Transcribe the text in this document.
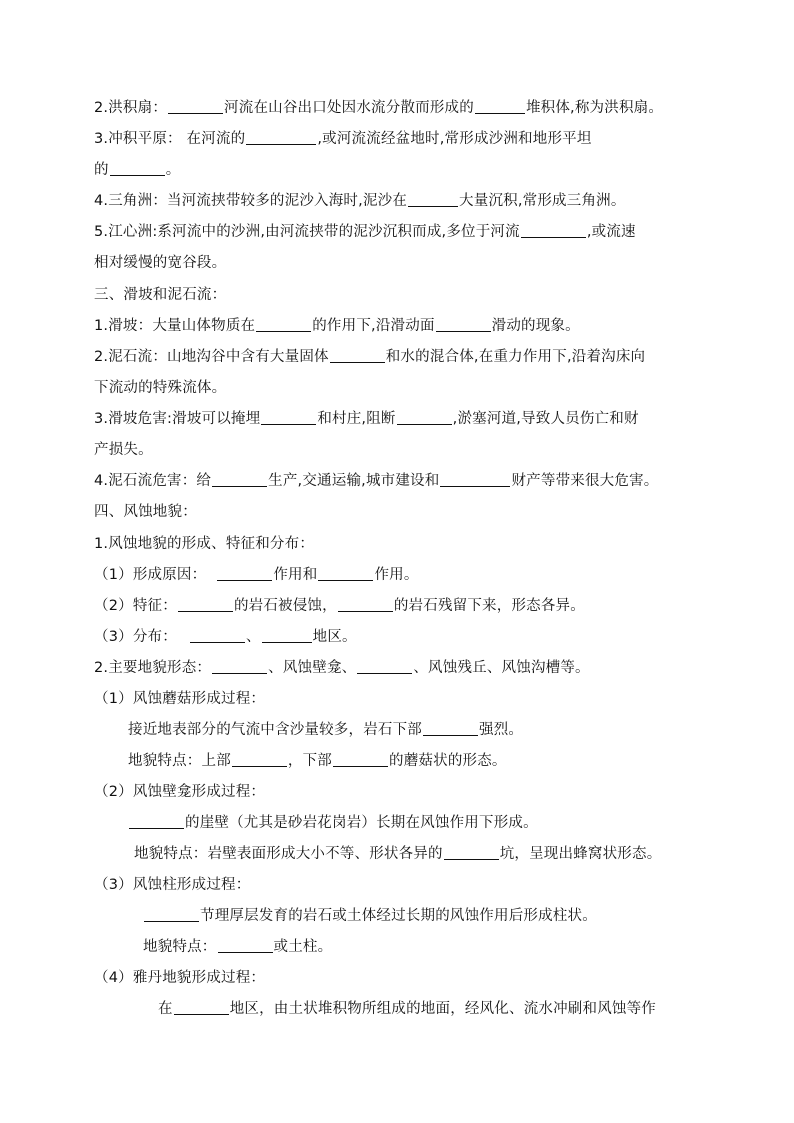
2.洪积扇：	河流在山谷出口处因水流分散而形成的	堆积体,称为洪积扇。
3.冲积平原： 在河流的	,或河流流经盆地时,常形成沙洲和地形平坦
的	。
4.三角洲：当河流挟带较多的泥沙入海时,泥沙在	大量沉积,常形成三角洲。
5.江心洲:系河流中的沙洲,由河流挟带的泥沙沉积而成,多位于河流	,或流速
相对缓慢的宽谷段。
三、滑坡和泥石流：
1.滑坡：大量山体物质在	的作用下,沿滑动面	滑动的现象。
2.泥石流：山地沟谷中含有大量固体	和水的混合体,在重力作用下,沿着沟床向
下流动的特殊流体。
3.滑坡危害:滑坡可以掩埋	和村庄,阻断	,淤塞河道,导致人员伤亡和财
产损失。
4.泥石流危害：给	生产,交通运输,城市建设和	财产等带来很大危害。
四、风蚀地貌：
1.风蚀地貌的形成、特征和分布：
（1）形成原因：	作用和	作用。
（2）特征：	的岩石被侵蚀，	的岩石残留下来，形态各异。
（3）分布：	、	地区。
2.主要地貌形态：	、风蚀壁龛、	、风蚀残丘、风蚀沟槽等。
（1）风蚀蘑菇形成过程：
接近地表部分的气流中含沙量较多，岩石下部	强烈。
地貌特点：上部	，下部	的蘑菇状的形态。
（2）风蚀壁龛形成过程：
的崖壁（尤其是砂岩花岗岩）长期在风蚀作用下形成。
地貌特点：岩壁表面形成大小不等、形状各异的	坑，呈现出蜂窝状形态。
（3）风蚀柱形成过程：
节理厚层发育的岩石或土体经过长期的风蚀作用后形成柱状。
地貌特点：	或土柱。
（4）雅丹地貌形成过程：
在	地区，由土状堆积物所组成的地面，经风化、流水冲刷和风蚀等作
